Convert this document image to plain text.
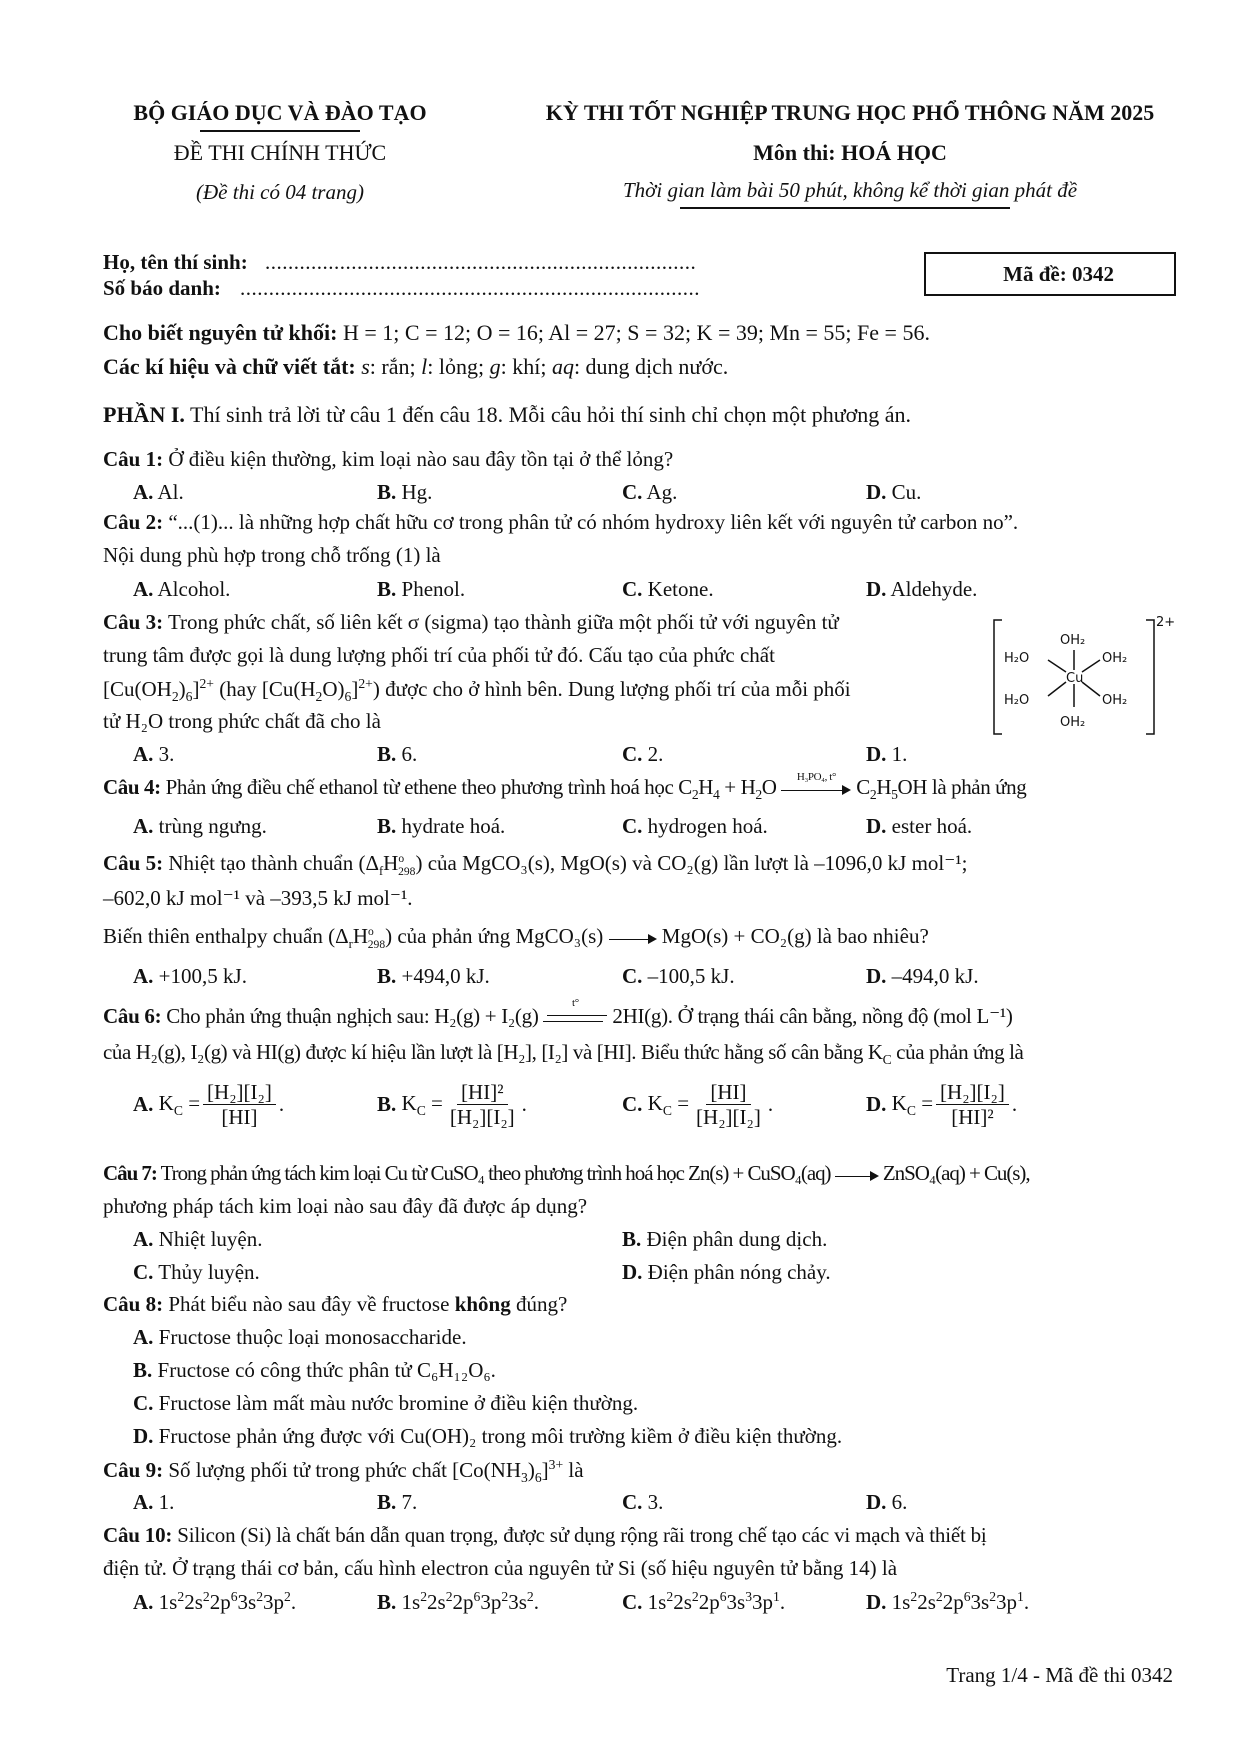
BỘ GIÁO DỤC VÀ ĐÀO TẠO
ĐỀ THI CHÍNH THỨC
(Đề thi có 04 trang)
KỲ THI TỐT NGHIỆP TRUNG HỌC PHỔ THÔNG NĂM 2025
Môn thi: HOÁ HỌC
Thời gian làm bài 50 phút, không kể thời gian phát đề
Họ, tên thí sinh: ...........................................................................
Số báo danh: ................................................................................
Mã đề: 0342
Cho biết nguyên tử khối: H = 1; C = 12; O = 16; Al = 27; S = 32; K = 39; Mn = 55; Fe = 56.
Các kí hiệu và chữ viết tắt: s: rắn; l: lỏng; g: khí; aq: dung dịch nước.
PHẦN I. Thí sinh trả lời từ câu 1 đến câu 18. Mỗi câu hỏi thí sinh chỉ chọn một phương án.
Câu 1: Ở điều kiện thường, kim loại nào sau đây tồn tại ở thể lỏng?
A. Al.	B. Hg.	C. Ag.	D. Cu.
Câu 2: “...(1)... là những hợp chất hữu cơ trong phân tử có nhóm hydroxy liên kết với nguyên tử carbon no”.
Nội dung phù hợp trong chỗ trống (1) là
A. Alcohol.	B. Phenol.	C. Ketone.	D. Aldehyde.
Câu 3: Trong phức chất, số liên kết σ (sigma) tạo thành giữa một phối tử với nguyên tử
trung tâm được gọi là dung lượng phối trí của phối tử đó. Cấu tạo của phức chất
$[Cu(OH_2)_6]^{2+}$ (hay $[Cu(H_2O)_6]^{2+}$) được cho ở hình bên. Dung lượng phối trí của mỗi phối
tử H₂O trong phức chất đã cho là
A. 3.	B. 6.	C. 2.	D. 1.
OH₂
OH₂
H₂O	OH₂
H₂O	OH₂
Cu
2+
Câu 4: Phản ứng điều chế ethanol từ ethene theo phương trình hoá học $C_2H_4 + H_2O$	H₃PO₄, t° $C_2H_5OH$ là phản ứng
A. trùng ngưng.	B. hydrate hoá.	C. hydrogen hoá.	D. ester hoá.
Câu 5: Nhiệt tạo thành chuẩn $(\Delta_fH^o_{298})$ của MgCO₃(s), MgO(s) và CO₂(g) lần lượt là –1096,0 kJ mol⁻¹;
–602,0 kJ mol⁻¹ và –393,5 kJ mol⁻¹.
Biến thiên enthalpy chuẩn $(\Delta_rH^o_{298})$ của phản ứng MgCO₃(s)	MgO(s) + CO₂(g) là bao nhiêu?
A. +100,5 kJ.	B. +494,0 kJ.	C. –100,5 kJ.	D. –494,0 kJ.
Câu 6: Cho phản ứng thuận nghịch sau: H₂(g) + I₂(g)
t°
2HI(g). Ở trạng thái cân bằng, nồng độ (mol L⁻¹)
của H₂(g), I₂(g) và HI(g) được kí hiệu lần lượt là [H₂], [I₂] và [HI]. Biểu thức hằng số cân bằng $K_C$ của phản ứng là
A. $K_C = \frac{\text{[H₂][I₂]}}{[HI]}$ .	B. $K_C = \frac{\text{[HI]²}}{\text{[H₂][I₂]}}$ .	C. $K_C = \frac{[HI]}{\text{[H₂][I₂]}}$ .	D. $K_C = \frac{\text{[H₂][I₂]}}{\text{[HI]²}}$ .
Câu 7: Trong phản ứng tách kim loại Cu từ CuSO₄ theo phương trình hoá học Zn(s) + CuSO₄(aq) ZnSO₄(aq) + Cu(s),
phương pháp tách kim loại nào sau đây đã được áp dụng?
A. Nhiệt luyện.	B. Điện phân dung dịch.
C. Thủy luyện.	D. Điện phân nóng chảy.
Câu 8: Phát biểu nào sau đây về fructose không đúng?
A. Fructose thuộc loại monosaccharide.
B. Fructose có công thức phân tử C₆H₁₂O₆.
C. Fructose làm mất màu nước bromine ở điều kiện thường.
D. Fructose phản ứng được với Cu(OH)₂ trong môi trường kiềm ở điều kiện thường.
Câu 9: Số lượng phối tử trong phức chất $[Co(NH_3)_6]^{3+}$ là
A. 1.	B. 7.	C. 3.	D. 6.
Câu 10: Silicon (Si) là chất bán dẫn quan trọng, được sử dụng rộng rãi trong chế tạo các vi mạch và thiết bị
điện tử. Ở trạng thái cơ bản, cấu hình electron của nguyên tử Si (số hiệu nguyên tử bằng 14) là
A. $1s^22s^22p^63s^23p^2$.	B. $1s^22s^22p^63p^23s^2$.	C. $1s^22s^22p^63s^33p^1$.	D. $1s^22s^22p^63s^23p^1$.
Trang 1/4 - Mã đề thi 0342
